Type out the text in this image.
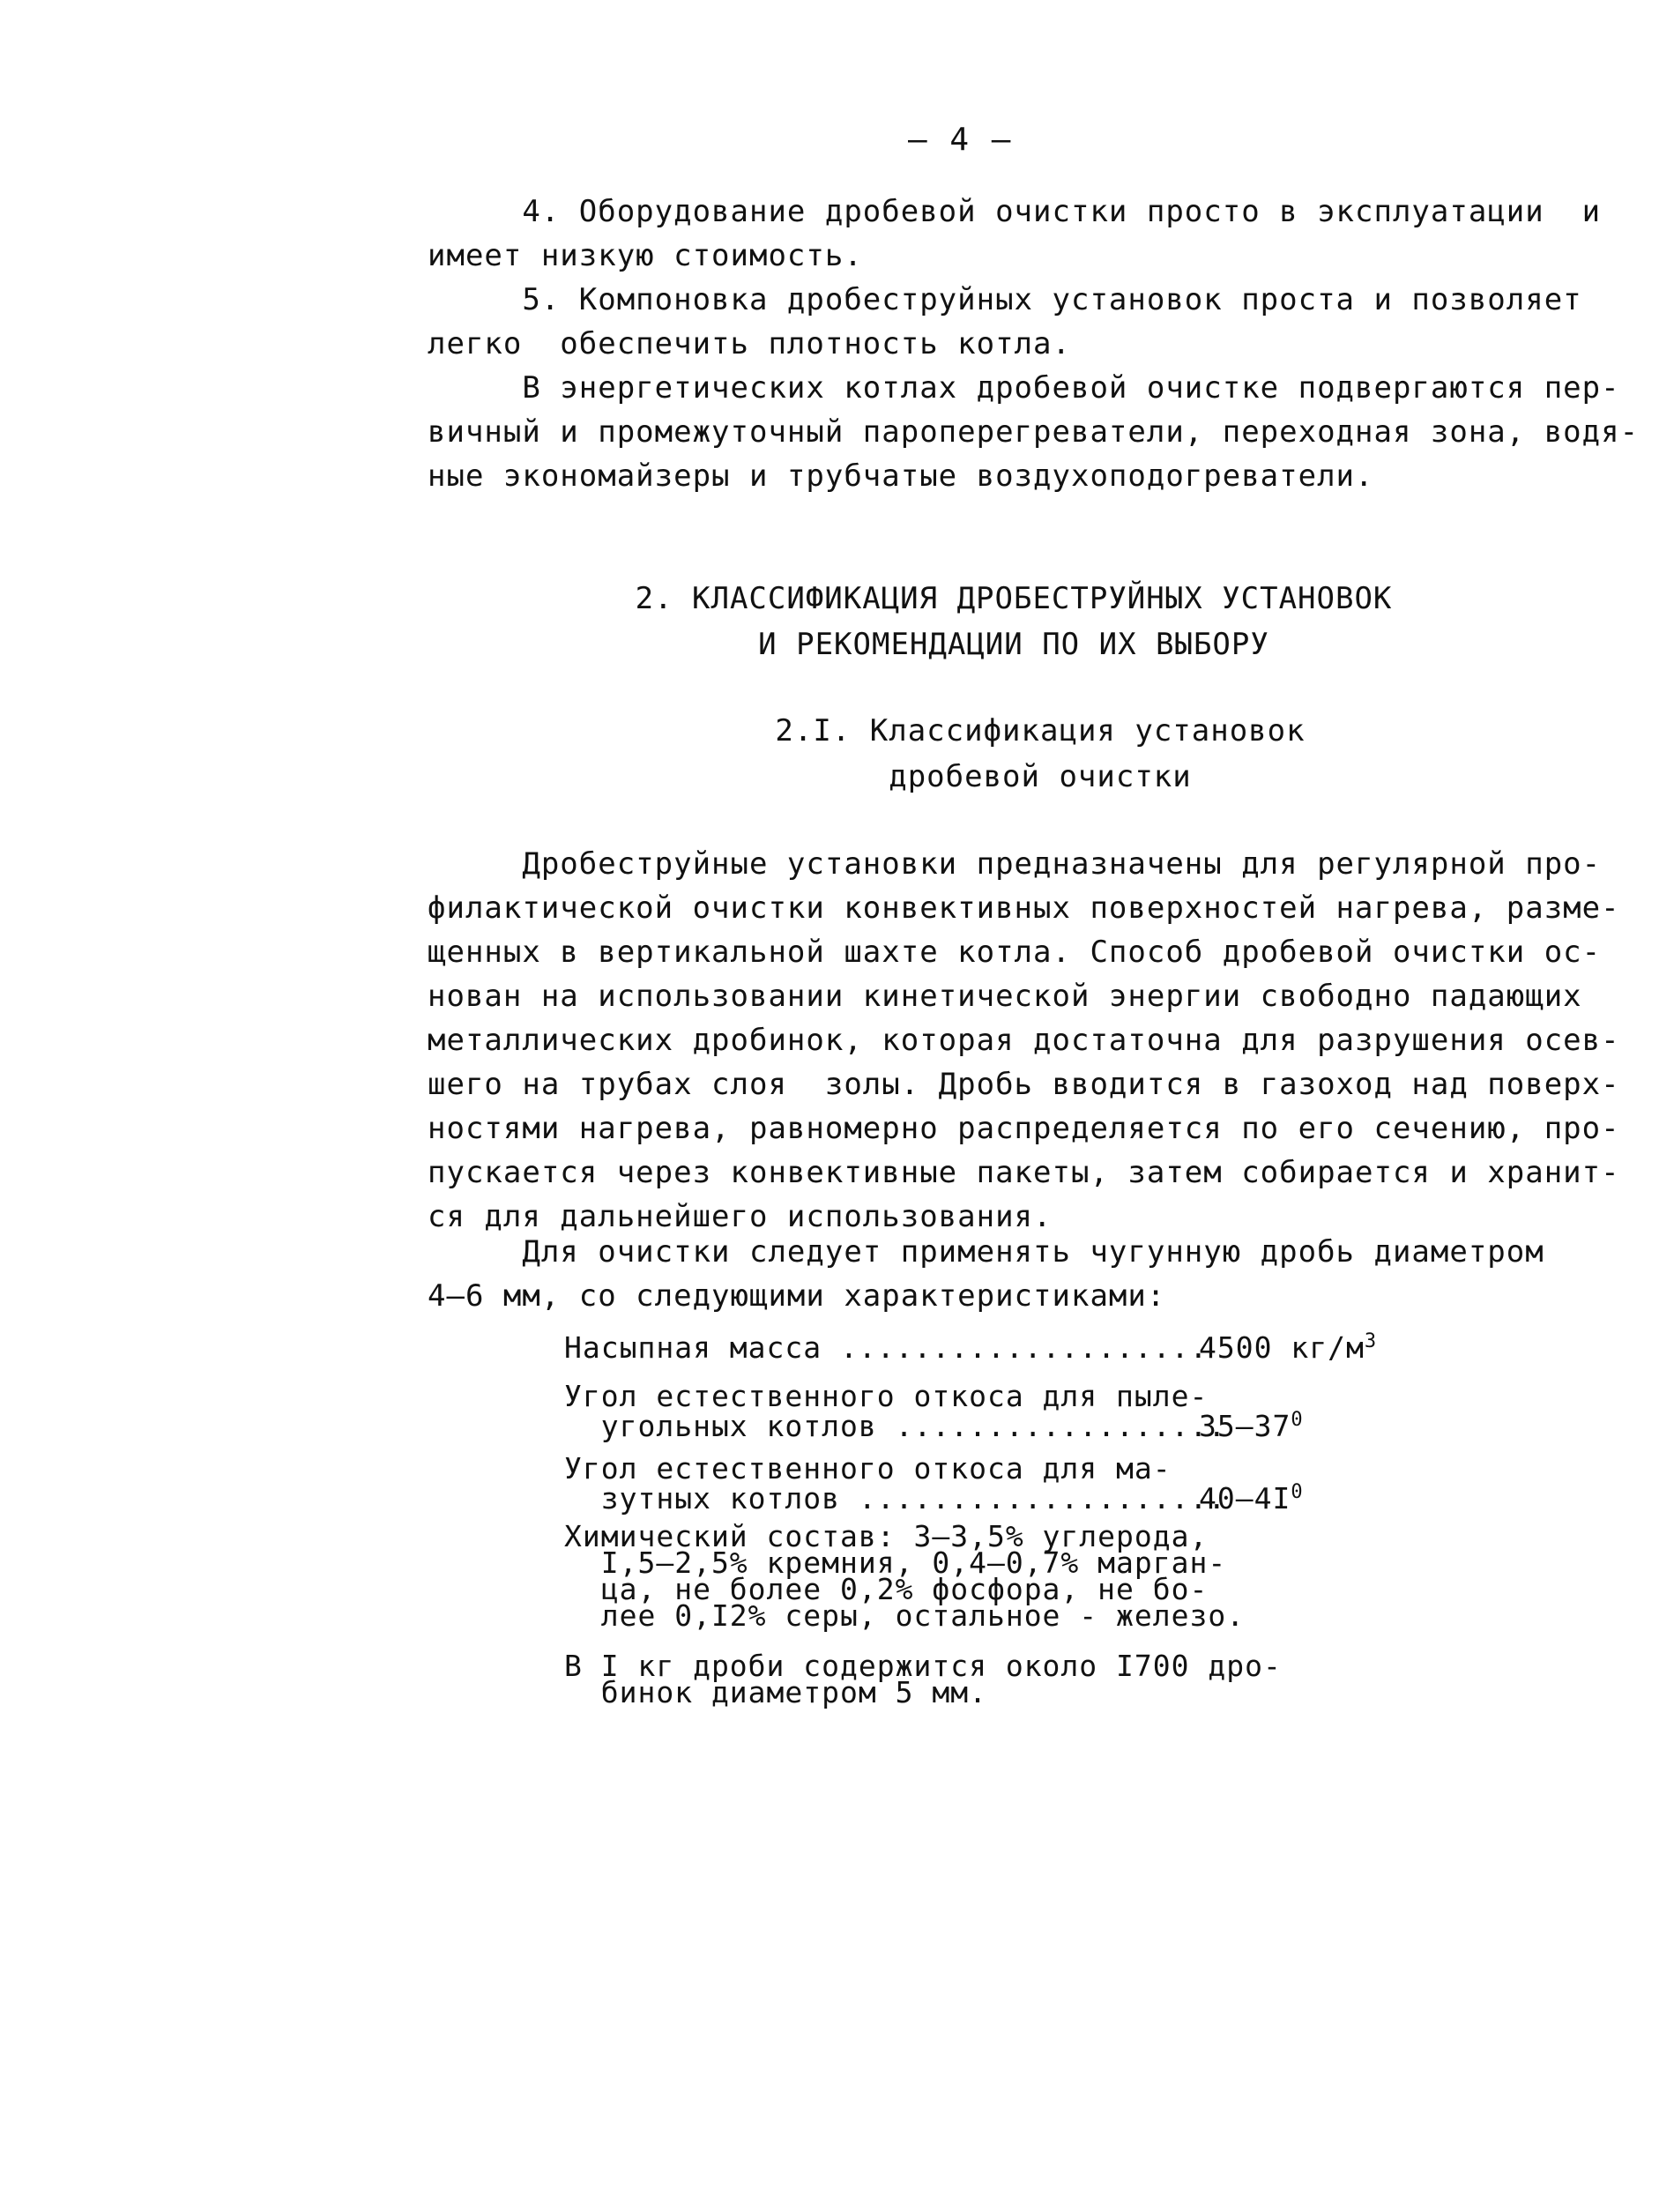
– 4 –
4. Оборудование дробевой очистки просто в эксплуатации  и
имеет низкую стоимость.
5. Компоновка дробеструйных установок проста и позволяет
легко  обеспечить плотность котла.
В энергетических котлах дробевой очистке подвергаются пер-
вичный и промежуточный пароперегреватели, переходная зона, водя-
ные экономайзеры и трубчатые воздухоподогреватели.
2. КЛАССИФИКАЦИЯ ДРОБЕСТРУЙНЫХ УСТАНОВОК
И РЕКОМЕНДАЦИИ ПО ИХ ВЫБОРУ
2.I. Классификация установок
дробевой очистки
Дробеструйные установки предназначены для регулярной про-
филактической очистки конвективных поверхностей нагрева, разме-
щенных в вертикальной шахте котла. Способ дробевой очистки ос-
нован на использовании кинетической энергии свободно падающих
металлических дробинок, которая достаточна для разрушения осев-
шего на трубах слоя  золы. Дробь вводится в газоход над поверх-
ностями нагрева, равномерно распределяется по его сечению, про-
пускается через конвективные пакеты, затем собирается и хранит-
ся для дальнейшего использования.
Для очистки следует применять чугунную дробь диаметром
4–6 мм, со следующими характеристиками:
Насыпная масса ....................
4500 $кг/м^3$
Угол естественного откоса для пыле-
угольных котлов ..................
$35-37^0$
Угол естественного откоса для ма-
зутных котлов ....................
$40-4I^0$
Химический состав: 3–3,5% углерода,
I,5–2,5% кремния, 0,4–0,7% марган-
ца, не более 0,2% фосфора, не бо-
лее 0,I2% серы, остальное - железо.
В I кг дроби содержится около I700 дро-
бинок диаметром 5 мм.
